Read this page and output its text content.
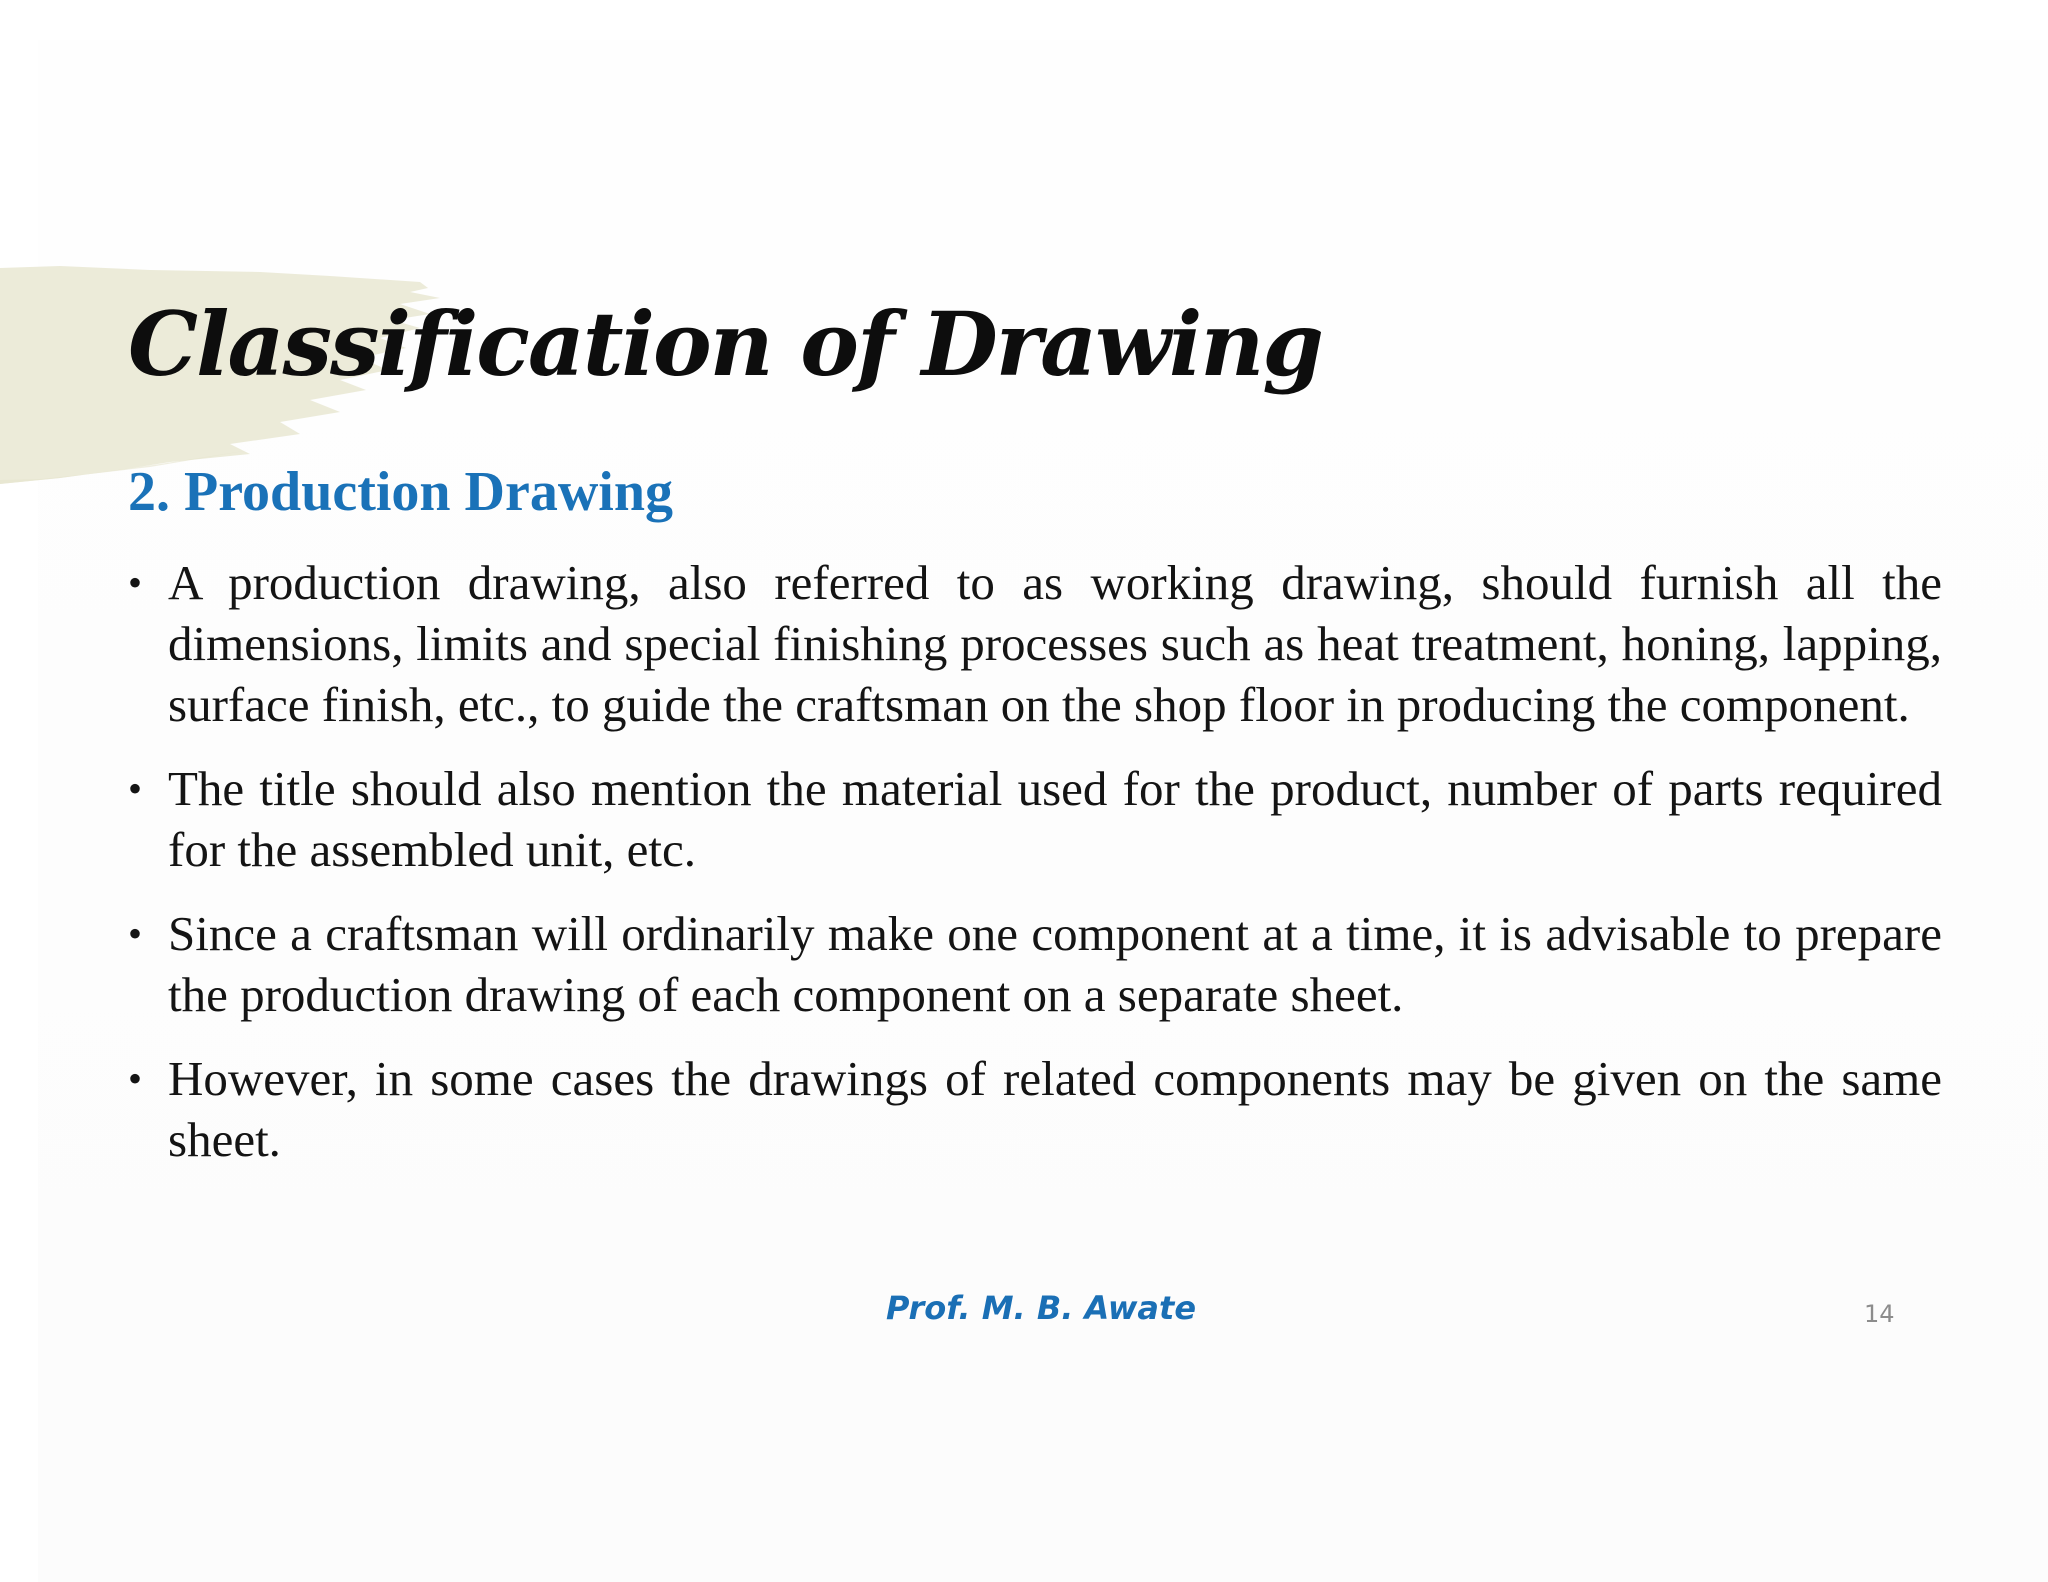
Classification of Drawing
2. Production Drawing
• A production drawing, also referred to as working drawing, should furnish all the dimensions, limits and special finishing processes such as heat treatment, honing, lapping, surface finish, etc., to guide the craftsman on the shop floor in producing the component.
• The title should also mention the material used for the product, number of parts required for the assembled unit, etc.
• Since a craftsman will ordinarily make one component at a time, it is advisable to prepare the production drawing of each component on a separate sheet.
• However, in some cases the drawings of related components may be given on the same sheet.
Prof. M. B. Awate	14
